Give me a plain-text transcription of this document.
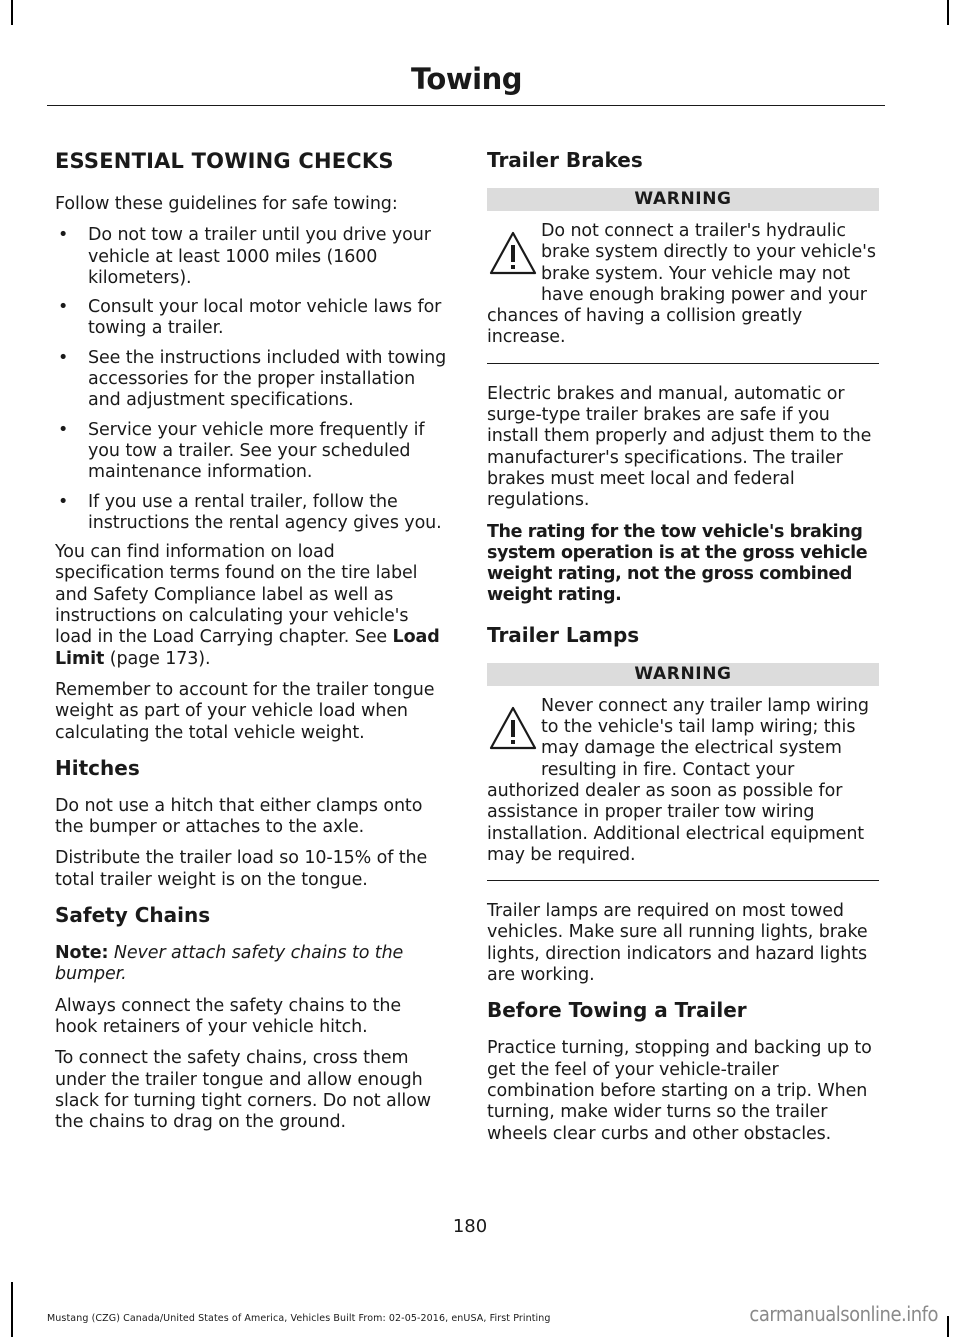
Towing
ESSENTIAL TOWING CHECKS
Follow these guidelines for safe towing:
• Do not tow a trailer until you drive your vehicle at least 1000 miles (1600 kilometers).
• Consult your local motor vehicle laws for towing a trailer.
• See the instructions included with towing accessories for the proper installation and adjustment specifications.
• Service your vehicle more frequently if you tow a trailer. See your scheduled maintenance information.
• If you use a rental trailer, follow the instructions the rental agency gives you.
You can find information on load specification terms found on the tire label and Safety Compliance label as well as instructions on calculating your vehicle's load in the Load Carrying chapter. See Load Limit (page 173).
Remember to account for the trailer tongue weight as part of your vehicle load when calculating the total vehicle weight.
Hitches
Do not use a hitch that either clamps onto the bumper or attaches to the axle.
Distribute the trailer load so 10-15% of the total trailer weight is on the tongue.
Safety Chains
Note: Never attach safety chains to the bumper.
Always connect the safety chains to the hook retainers of your vehicle hitch.
To connect the safety chains, cross them under the trailer tongue and allow enough slack for turning tight corners. Do not allow the chains to drag on the ground.
Trailer Brakes
WARNING
Do not connect a trailer's hydraulic brake system directly to your vehicle's brake system. Your vehicle may not have enough braking power and your chances of having a collision greatly increase.
Electric brakes and manual, automatic or surge-type trailer brakes are safe if you install them properly and adjust them to the manufacturer's specifications. The trailer brakes must meet local and federal regulations.
The rating for the tow vehicle's braking system operation is at the gross vehicle weight rating, not the gross combined weight rating.
Trailer Lamps
WARNING
Never connect any trailer lamp wiring to the vehicle's tail lamp wiring; this may damage the electrical system resulting in fire. Contact your authorized dealer as soon as possible for assistance in proper trailer tow wiring installation. Additional electrical equipment may be required.
Trailer lamps are required on most towed vehicles. Make sure all running lights, brake lights, direction indicators and hazard lights are working.
Before Towing a Trailer
Practice turning, stopping and backing up to get the feel of your vehicle-trailer combination before starting on a trip. When turning, make wider turns so the trailer wheels clear curbs and other obstacles.
180
Mustang (CZG) Canada/United States of America, Vehicles Built From: 02-05-2016, enUSA, First Printing	carmanualsonline.info
